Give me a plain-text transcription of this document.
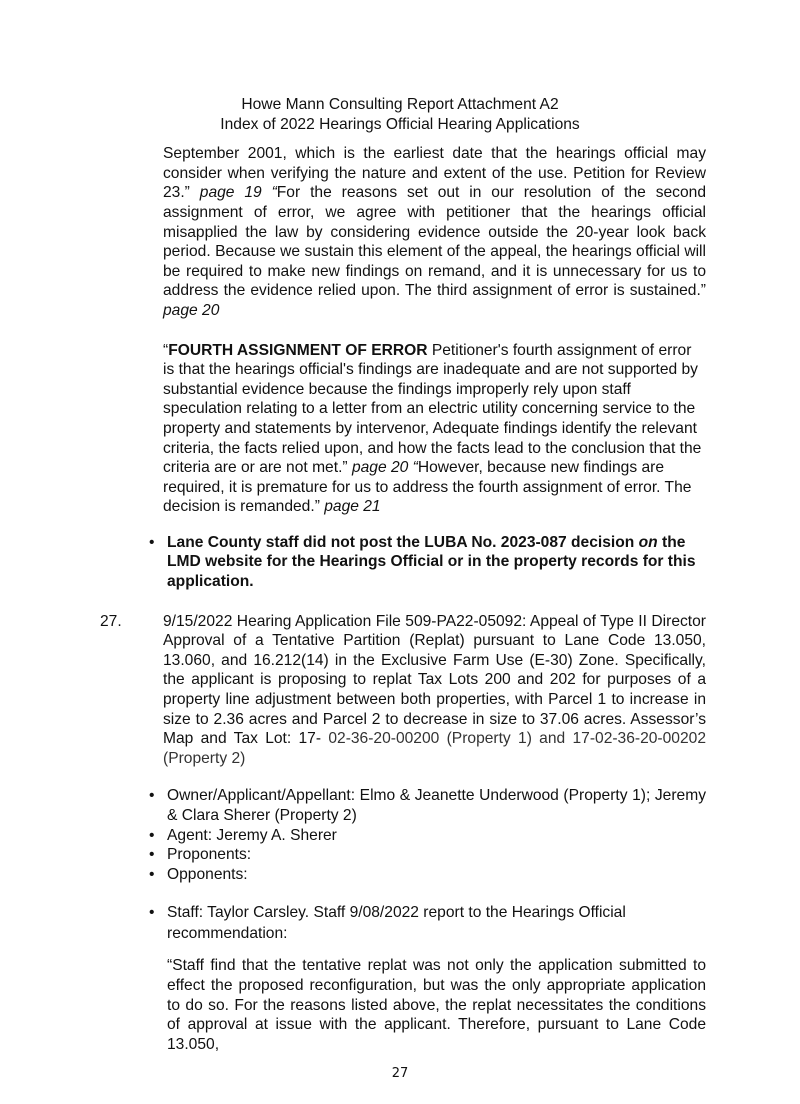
Howe Mann Consulting Report Attachment A2
Index of 2022 Hearings Official Hearing Applications
September 2001, which is the earliest date that the hearings official may consider when verifying the nature and extent of the use. Petition for Review 23.” page 19 “For the reasons set out in our resolution of the second assignment of error, we agree with petitioner that the hearings official misapplied the law by considering evidence outside the 20-year look back period. Because we sustain this element of the appeal, the hearings official will be required to make new findings on remand, and it is unnecessary for us to address the evidence relied upon. The third assignment of error is sustained.” page 20
“FOURTH ASSIGNMENT OF ERROR Petitioner's fourth assignment of error is that the hearings official's findings are inadequate and are not supported by substantial evidence because the findings improperly rely upon staff speculation relating to a letter from an electric utility concerning service to the property and statements by intervenor, Adequate findings identify the relevant criteria, the facts relied upon, and how the facts lead to the conclusion that the criteria are or are not met.” page 20 “However, because new findings are required, it is premature for us to address the fourth assignment of error. The decision is remanded.” page 21
• Lane County staff did not post the LUBA No. 2023-087 decision on the LMD website for the Hearings Official or in the property records for this application.
27.	9/15/2022 Hearing Application File 509-PA22-05092: Appeal of Type II Director Approval of a Tentative Partition (Replat) pursuant to Lane Code 13.050, 13.060, and 16.212(14) in the Exclusive Farm Use (E-30) Zone. Specifically, the applicant is proposing to replat Tax Lots 200 and 202 for purposes of a property line adjustment between both properties, with Parcel 1 to increase in size to 2.36 acres and Parcel 2 to decrease in size to 37.06 acres. Assessor’s Map and Tax Lot: 17- 02-36-20-00200 (Property 1) and 17-02-36-20-00202 (Property 2)
• Owner/Applicant/Appellant: Elmo & Jeanette Underwood (Property 1); Jeremy & Clara Sherer (Property 2)
• Agent: Jeremy A. Sherer
• Proponents:
• Opponents:
• Staff: Taylor Carsley. Staff 9/08/2022 report to the Hearings Official recommendation:
“Staff find that the tentative replat was not only the application submitted to effect the proposed reconfiguration, but was the only appropriate application to do so. For the reasons listed above, the replat necessitates the conditions of approval at issue with the applicant. Therefore, pursuant to Lane Code 13.050,
27
